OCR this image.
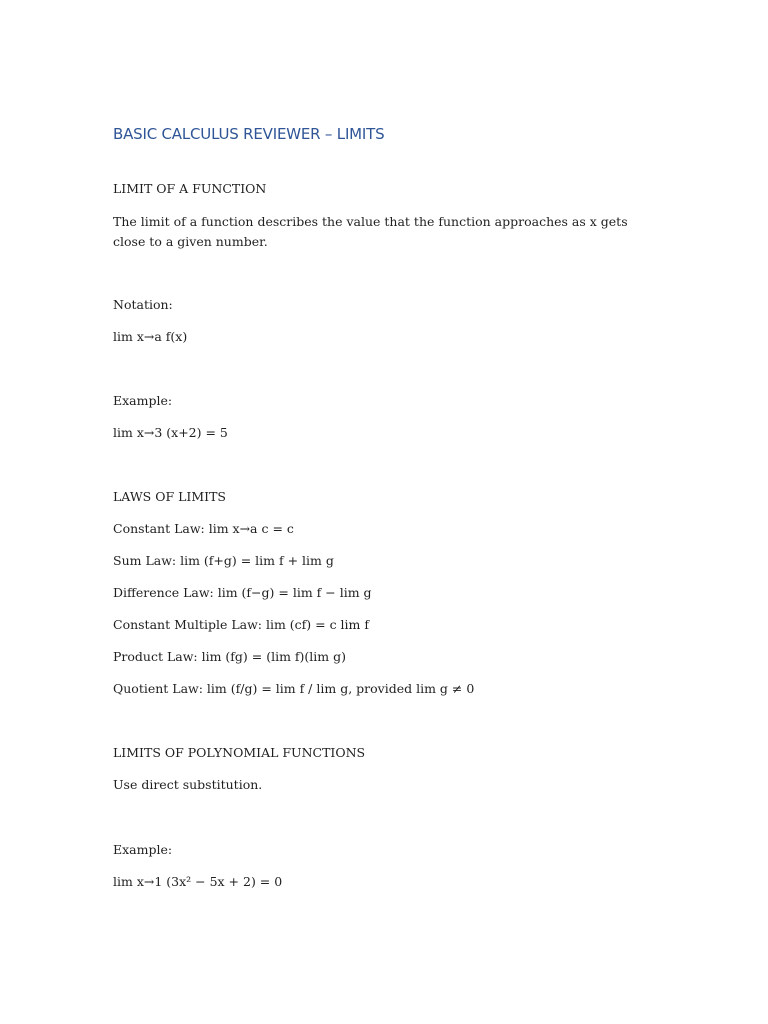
BASIC CALCULUS REVIEWER – LIMITS
LIMIT OF A FUNCTION
The limit of a function describes the value that the function approaches as x gets close to a given number.
Notation:
lim x→a f(x)
Example:
lim x→3 (x+2) = 5
LAWS OF LIMITS
Constant Law: lim x→a c = c
Sum Law: lim (f+g) = lim f + lim g
Difference Law: lim (f−g) = lim f − lim g
Constant Multiple Law: lim (cf) = c lim f
Product Law: lim (fg) = (lim f)(lim g)
Quotient Law: lim (f/g) = lim f / lim g, provided lim g ≠ 0
LIMITS OF POLYNOMIAL FUNCTIONS
Use direct substitution.
Example:
lim x→1 (3x² − 5x + 2) = 0
